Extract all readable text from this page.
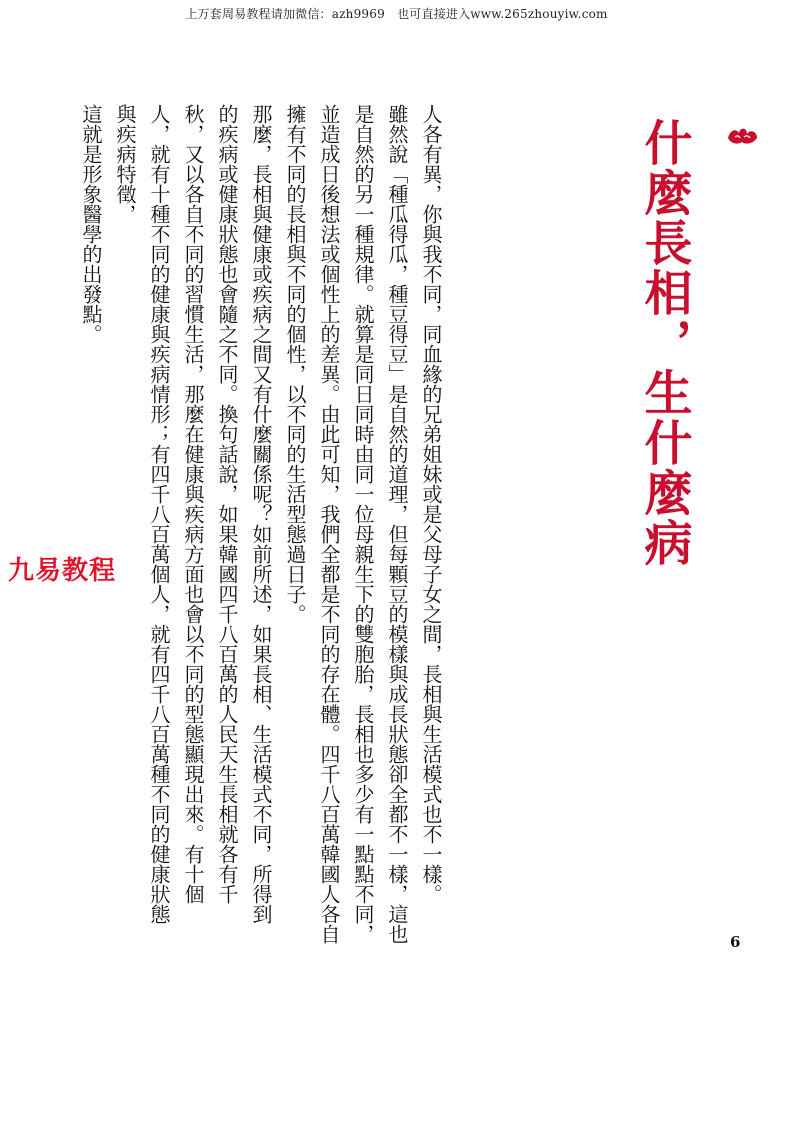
上万套周易教程请加微信：azh9969　也可直接进入www.265zhouyiw.com
什麼長相，生什麼病

人各有異，你與我不同，同血緣的兄弟姐妹或是父母子女之間，長相與生活模式也不一樣。

雖然說「種瓜得瓜，種豆得豆」是自然的道理，但每顆豆的模樣與成長狀態卻全都不一樣，這也是自然的另一種規律。就算是同日同時由同一位母親生下的雙胞胎，長相也多少有一點點不同，並造成日後想法或個性上的差異。由此可知，我們全都是不同的存在體。四千八百萬韓國人各自擁有不同的長相與不同的個性，以不同的生活型態過日子。

那麼，長相與健康或疾病之間又有什麼關係呢？如前所述，如果長相、生活模式不同，所得到的疾病或健康狀態也會隨之不同。換句話說，如果韓國四千八百萬的人民天生長相就各有千秋，又以各自不同的習慣生活，那麼在健康與疾病方面也會以不同的型態顯現出來。有十個人，就有十種不同的健康與疾病情形；有四千八百萬個人，就有四千八百萬種不同的健康狀態與疾病特徵，

這就是形象醫學的出發點。

九易教程
6
